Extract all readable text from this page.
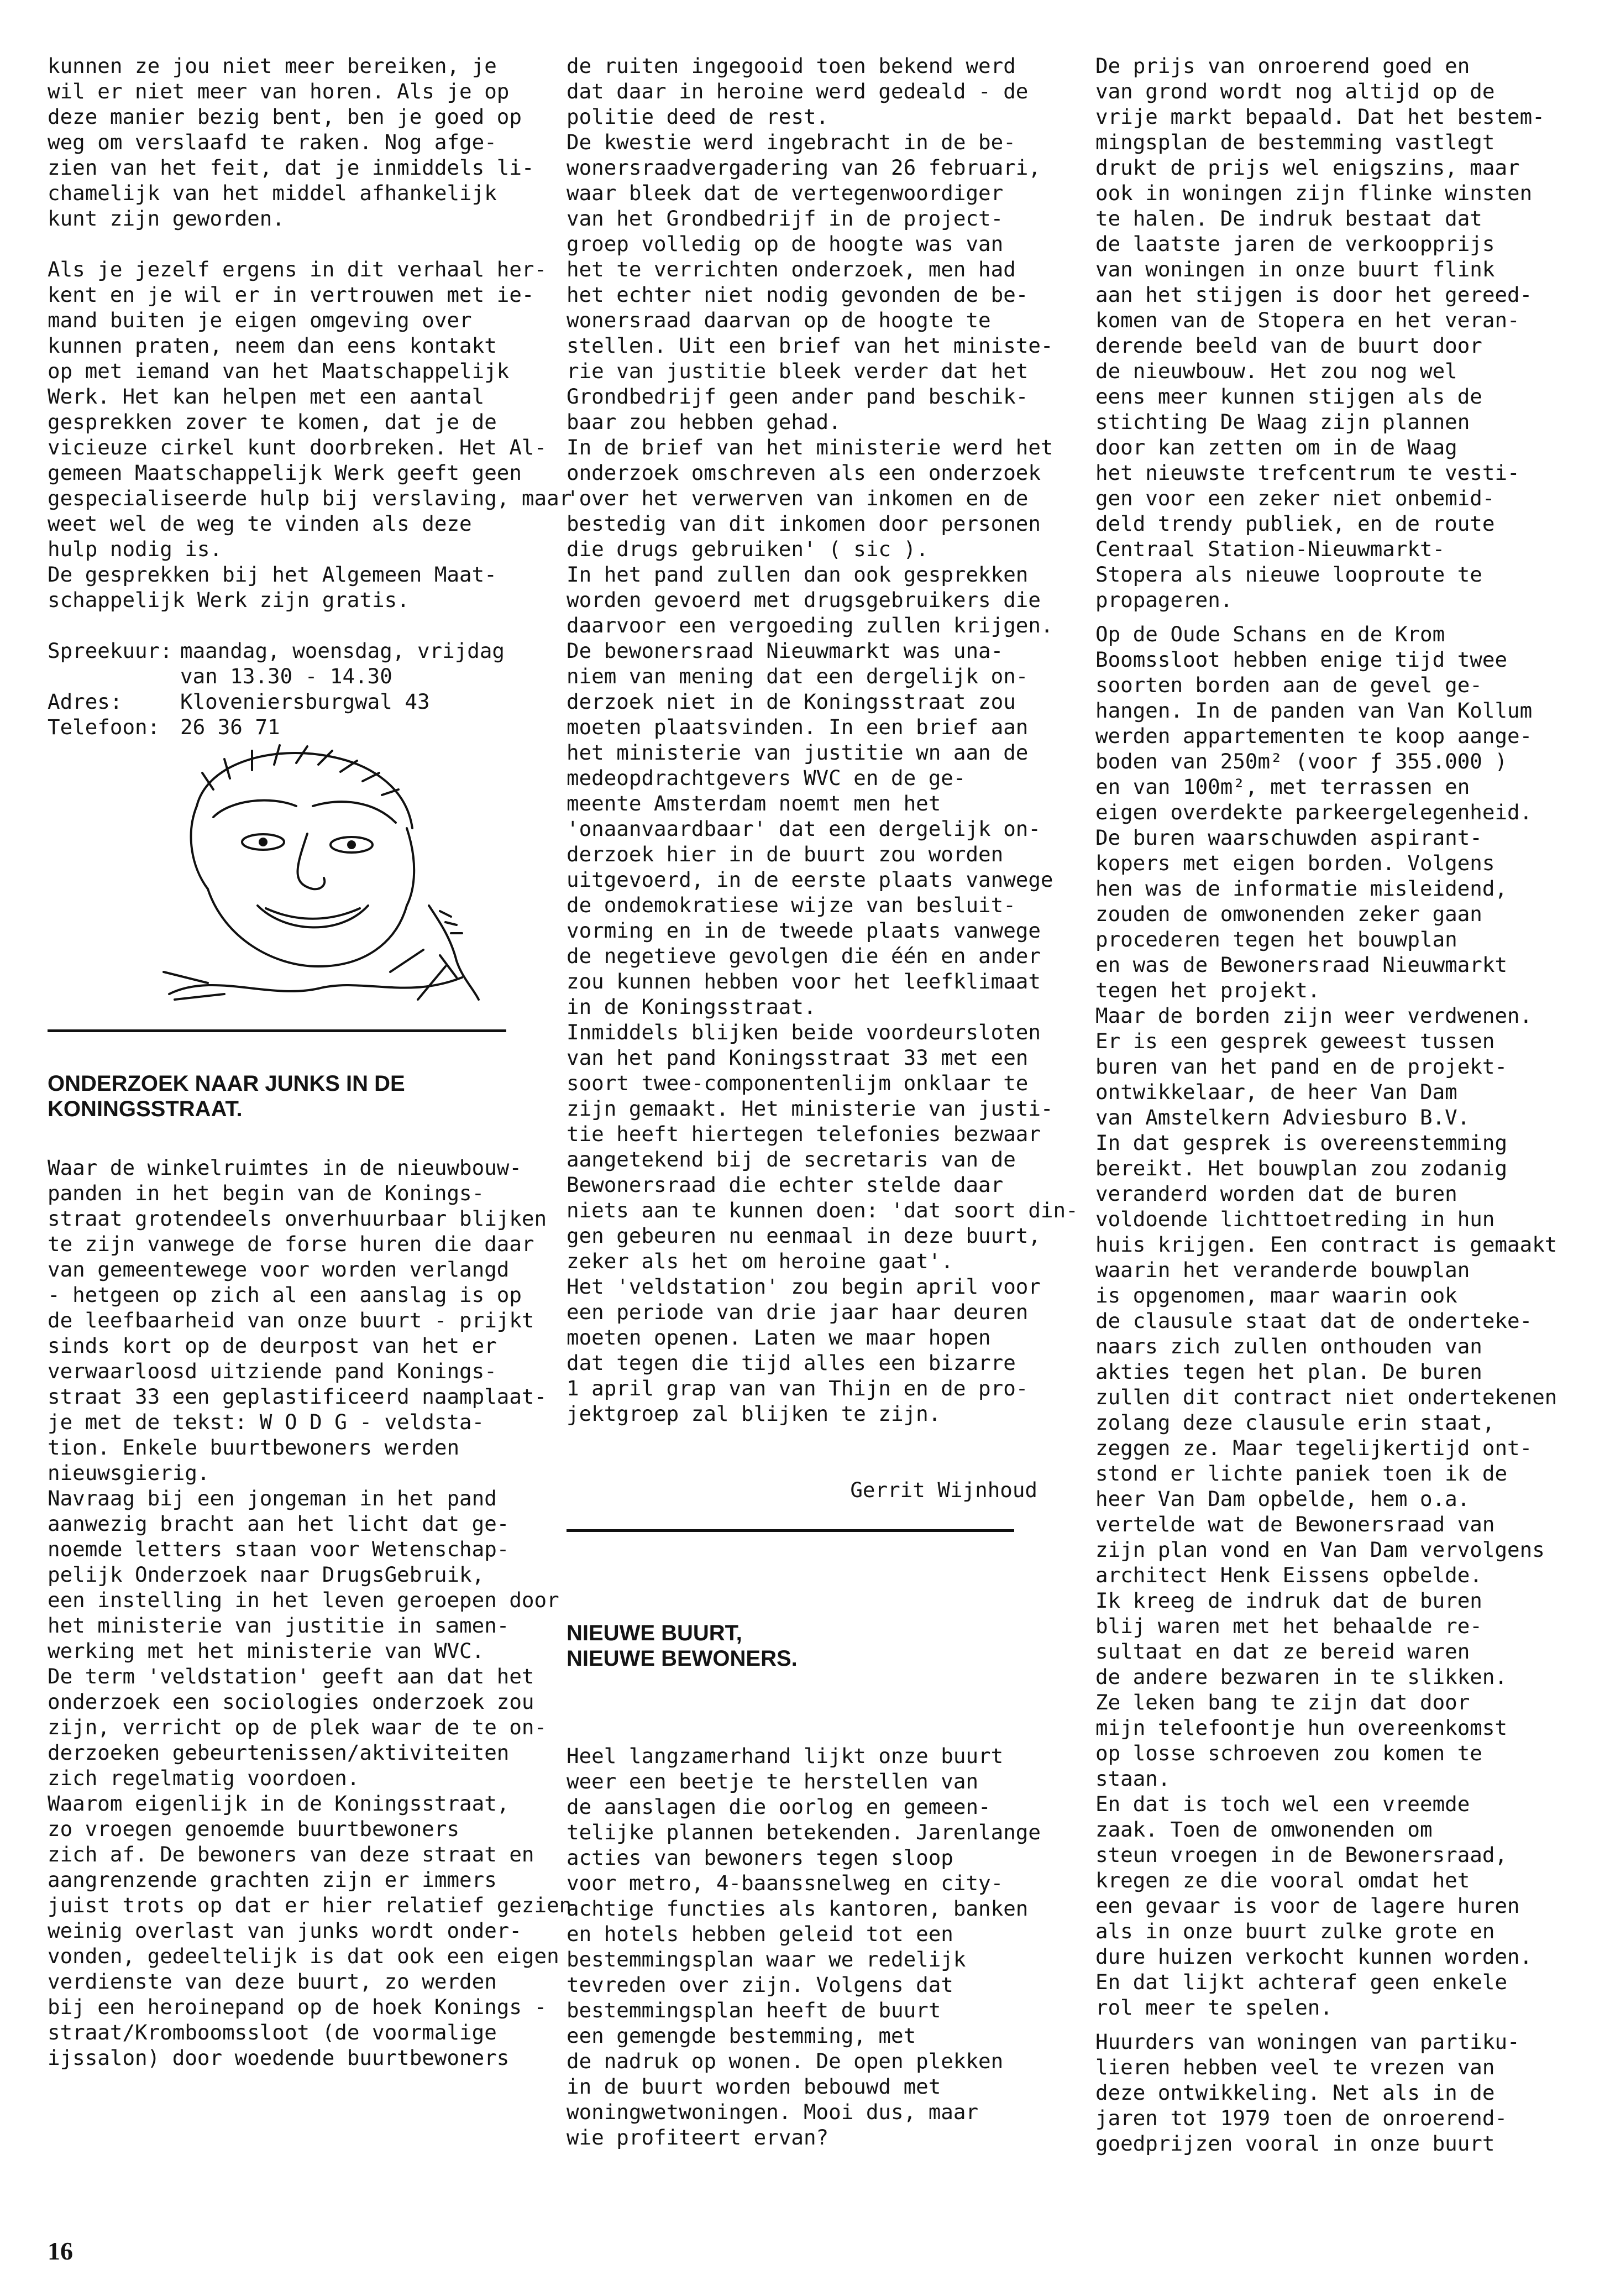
kunnen ze jou niet meer bereiken, je

wil er niet meer van horen. Als je op

deze manier bezig bent, ben je goed op

weg om verslaafd te raken. Nog afge-

zien van het feit, dat je inmiddels li-

chamelijk van het middel afhankelijk

kunt zijn geworden.

Als je jezelf ergens in dit verhaal her-

kent en je wil er in vertrouwen met ie-

mand buiten je eigen omgeving over

kunnen praten, neem dan eens kontakt

op met iemand van het Maatschappelijk

Werk. Het kan helpen met een aantal

gesprekken zover te komen, dat je de

vicieuze cirkel kunt doorbreken. Het Al-

gemeen Maatschappelijk Werk geeft geen

gespecialiseerde hulp bij verslaving, maar

weet wel de weg te vinden als deze

hulp nodig is.

De gesprekken bij het Algemeen Maat-

schappelijk Werk zijn gratis.

Spreekuur: maandag, woensdag, vrijdag
van 13.30 - 14.30
Adres:	Kloveniersburgwal 43
Telefoon: 26 36 71

ONDERZOEK NAAR JUNKS IN DE

KONINGSSTRAAT.

Waar de winkelruimtes in de nieuwbouw-

panden in het begin van de Konings-

straat grotendeels onverhuurbaar blijken

te zijn vanwege de forse huren die daar

van gemeentewege voor worden verlangd

- hetgeen op zich al een aanslag is op

de leefbaarheid van onze buurt - prijkt

sinds kort op de deurpost van het er

verwaarloosd uitziende pand Konings-

straat 33 een geplastificeerd naamplaat-

je met de tekst: W O D G - veldsta-

tion. Enkele buurtbewoners werden

nieuwsgierig.

Navraag bij een jongeman in het pand

aanwezig bracht aan het licht dat ge-

noemde letters staan voor Wetenschap-

pelijk Onderzoek naar DrugsGebruik,

een instelling in het leven geroepen door

het ministerie van justitie in samen-

werking met het ministerie van WVC.

De term 'veldstation' geeft aan dat het

onderzoek een sociologies onderzoek zou

zijn, verricht op de plek waar de te on-

derzoeken gebeurtenissen/aktiviteiten

zich regelmatig voordoen.

Waarom eigenlijk in de Koningsstraat,

zo vroegen genoemde buurtbewoners

zich af. De bewoners van deze straat en

aangrenzende grachten zijn er immers

juist trots op dat er hier relatief gezien

weinig overlast van junks wordt onder-

vonden, gedeeltelijk is dat ook een eigen

verdienste van deze buurt, zo werden

bij een heroinepand op de hoek Konings -

straat/Kromboomssloot (de voormalige

ijssalon) door woedende buurtbewoners

de ruiten ingegooid toen bekend werd

dat daar in heroine werd gedeald - de

politie deed de rest.

De kwestie werd ingebracht in de be-

wonersraadvergadering van 26 februari,

waar bleek dat de vertegenwoordiger

van het Grondbedrijf in de project-

groep volledig op de hoogte was van

het te verrichten onderzoek, men had

het echter niet nodig gevonden de be-

wonersraad daarvan op de hoogte te

stellen. Uit een brief van het ministe-

rie van justitie bleek verder dat het

Grondbedrijf geen ander pand beschik-

baar zou hebben gehad.

In de brief van het ministerie werd het

onderzoek omschreven als een onderzoek

'over het verwerven van inkomen en de

bestedig van dit inkomen door personen

die drugs gebruiken' ( sic ).

In het pand zullen dan ook gesprekken

worden gevoerd met drugsgebruikers die

daarvoor een vergoeding zullen krijgen.

De bewonersraad Nieuwmarkt was una-

niem van mening dat een dergelijk on-

derzoek niet in de Koningsstraat zou

moeten plaatsvinden. In een brief aan

het ministerie van justitie wn aan de

medeopdrachtgevers WVC en de ge-

meente Amsterdam noemt men het

'onaanvaardbaar' dat een dergelijk on-

derzoek hier in de buurt zou worden

uitgevoerd, in de eerste plaats vanwege

de ondemokratiese wijze van besluit-

vorming en in de tweede plaats vanwege

de negetieve gevolgen die één en ander

zou kunnen hebben voor het leefklimaat

in de Koningsstraat.

Inmiddels blijken beide voordeursloten

van het pand Koningsstraat 33 met een

soort twee-componentenlijm onklaar te

zijn gemaakt. Het ministerie van justi-

tie heeft hiertegen telefonies bezwaar

aangetekend bij de secretaris van de

Bewonersraad die echter stelde daar

niets aan te kunnen doen: 'dat soort din-

gen gebeuren nu eenmaal in deze buurt,

zeker als het om heroine gaat'.

Het 'veldstation' zou begin april voor

een periode van drie jaar haar deuren

moeten openen. Laten we maar hopen

dat tegen die tijd alles een bizarre

1 april grap van van Thijn en de pro-

jektgroep zal blijken te zijn.

Gerrit Wijnhoud

NIEUWE BUURT,

NIEUWE BEWONERS.

Heel langzamerhand lijkt onze buurt

weer een beetje te herstellen van

de aanslagen die oorlog en gemeen-

telijke plannen betekenden. Jarenlange

acties van bewoners tegen sloop

voor metro, 4-baanssnelweg en city-

achtige functies als kantoren, banken

en hotels hebben geleid tot een

bestemmingsplan waar we redelijk

tevreden over zijn. Volgens dat

bestemmingsplan heeft de buurt

een gemengde bestemming, met

de nadruk op wonen. De open plekken

in de buurt worden bebouwd met

woningwetwoningen. Mooi dus, maar

wie profiteert ervan?

De prijs van onroerend goed en

van grond wordt nog altijd op de

vrije markt bepaald. Dat het bestem-

mingsplan de bestemming vastlegt

drukt de prijs wel enigszins, maar

ook in woningen zijn flinke winsten

te halen. De indruk bestaat dat

de laatste jaren de verkoopprijs

van woningen in onze buurt flink

aan het stijgen is door het gereed-

komen van de Stopera en het veran-

derende beeld van de buurt door

de nieuwbouw. Het zou nog wel

eens meer kunnen stijgen als de

stichting De Waag zijn plannen

door kan zetten om in de Waag

het nieuwste trefcentrum te vesti-

gen voor een zeker niet onbemid-

deld trendy publiek, en de route

Centraal Station-Nieuwmarkt-

Stopera als nieuwe looproute te

propageren.

Op de Oude Schans en de Krom

Boomssloot hebben enige tijd twee

soorten borden aan de gevel ge-

hangen. In de panden van Van Kollum

werden appartementen te koop aange-

boden van 250m² (voor ƒ 355.000 )

en van 100m², met terrassen en

eigen overdekte parkeergelegenheid.

De buren waarschuwden aspirant-

kopers met eigen borden. Volgens

hen was de informatie misleidend,

zouden de omwonenden zeker gaan

procederen tegen het bouwplan

en was de Bewonersraad Nieuwmarkt

tegen het projekt.

Maar de borden zijn weer verdwenen.

Er is een gesprek geweest tussen

buren van het pand en de projekt-

ontwikkelaar, de heer Van Dam

van Amstelkern Adviesburo B.V.

In dat gesprek is overeenstemming

bereikt. Het bouwplan zou zodanig

veranderd worden dat de buren

voldoende lichttoetreding in hun

huis krijgen. Een contract is gemaakt

waarin het veranderde bouwplan

is opgenomen, maar waarin ook

de clausule staat dat de onderteke-

naars zich zullen onthouden van

akties tegen het plan. De buren

zullen dit contract niet ondertekenen

zolang deze clausule erin staat,

zeggen ze. Maar tegelijkertijd ont-

stond er lichte paniek toen ik de

heer Van Dam opbelde, hem o.a.

vertelde wat de Bewonersraad van

zijn plan vond en Van Dam vervolgens

architect Henk Eissens opbelde.

Ik kreeg de indruk dat de buren

blij waren met het behaalde re-

sultaat en dat ze bereid waren

de andere bezwaren in te slikken.

Ze leken bang te zijn dat door

mijn telefoontje hun overeenkomst

op losse schroeven zou komen te

staan.

En dat is toch wel een vreemde

zaak. Toen de omwonenden om

steun vroegen in de Bewonersraad,

kregen ze die vooral omdat het

een gevaar is voor de lagere huren

als in onze buurt zulke grote en

dure huizen verkocht kunnen worden.

En dat lijkt achteraf geen enkele

rol meer te spelen.

Huurders van woningen van partiku-

lieren hebben veel te vrezen van

deze ontwikkeling. Net als in de

jaren tot 1979 toen de onroerend-

goedprijzen vooral in onze buurt

16
